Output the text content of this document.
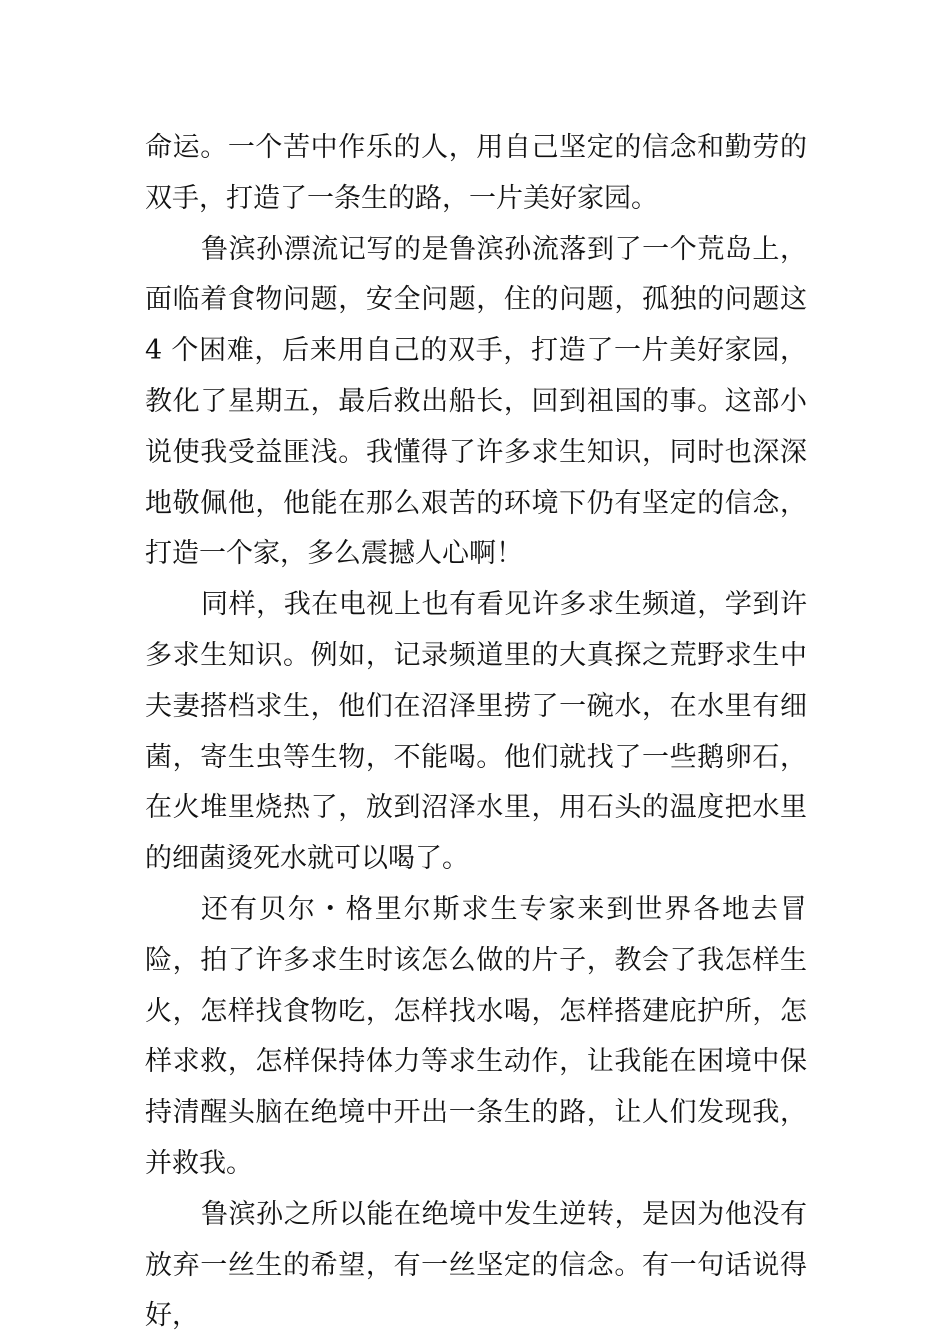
命运。一个苦中作乐的人，用自己坚定的信念和勤劳的双手，打造了一条生的路，一片美好家园。

鲁滨孙漂流记写的是鲁滨孙流落到了一个荒岛上，面临着食物问题，安全问题，住的问题，孤独的问题这 4 个困难，后来用自己的双手，打造了一片美好家园，教化了星期五，最后救出船长，回到祖国的事。这部小说使我受益匪浅。我懂得了许多求生知识，同时也深深地敬佩他，他能在那么艰苦的环境下仍有坚定的信念，打造一个家，多么震撼人心啊！

同样，我在电视上也有看见许多求生频道，学到许多求生知识。例如，记录频道里的大真探之荒野求生中夫妻搭档求生，他们在沼泽里捞了一碗水，在水里有细菌，寄生虫等生物，不能喝。他们就找了一些鹅卵石，在火堆里烧热了，放到沼泽水里，用石头的温度把水里的细菌烫死水就可以喝了。

还有贝尔・格里尔斯求生专家来到世界各地去冒险，拍了许多求生时该怎么做的片子，教会了我怎样生火，怎样找食物吃，怎样找水喝，怎样搭建庇护所，怎样求救，怎样保持体力等求生动作，让我能在困境中保持清醒头脑在绝境中开出一条生的路，让人们发现我，并救我。

鲁滨孙之所以能在绝境中发生逆转，是因为他没有放弃一丝生的希望，有一丝坚定的信念。有一句话说得好，
